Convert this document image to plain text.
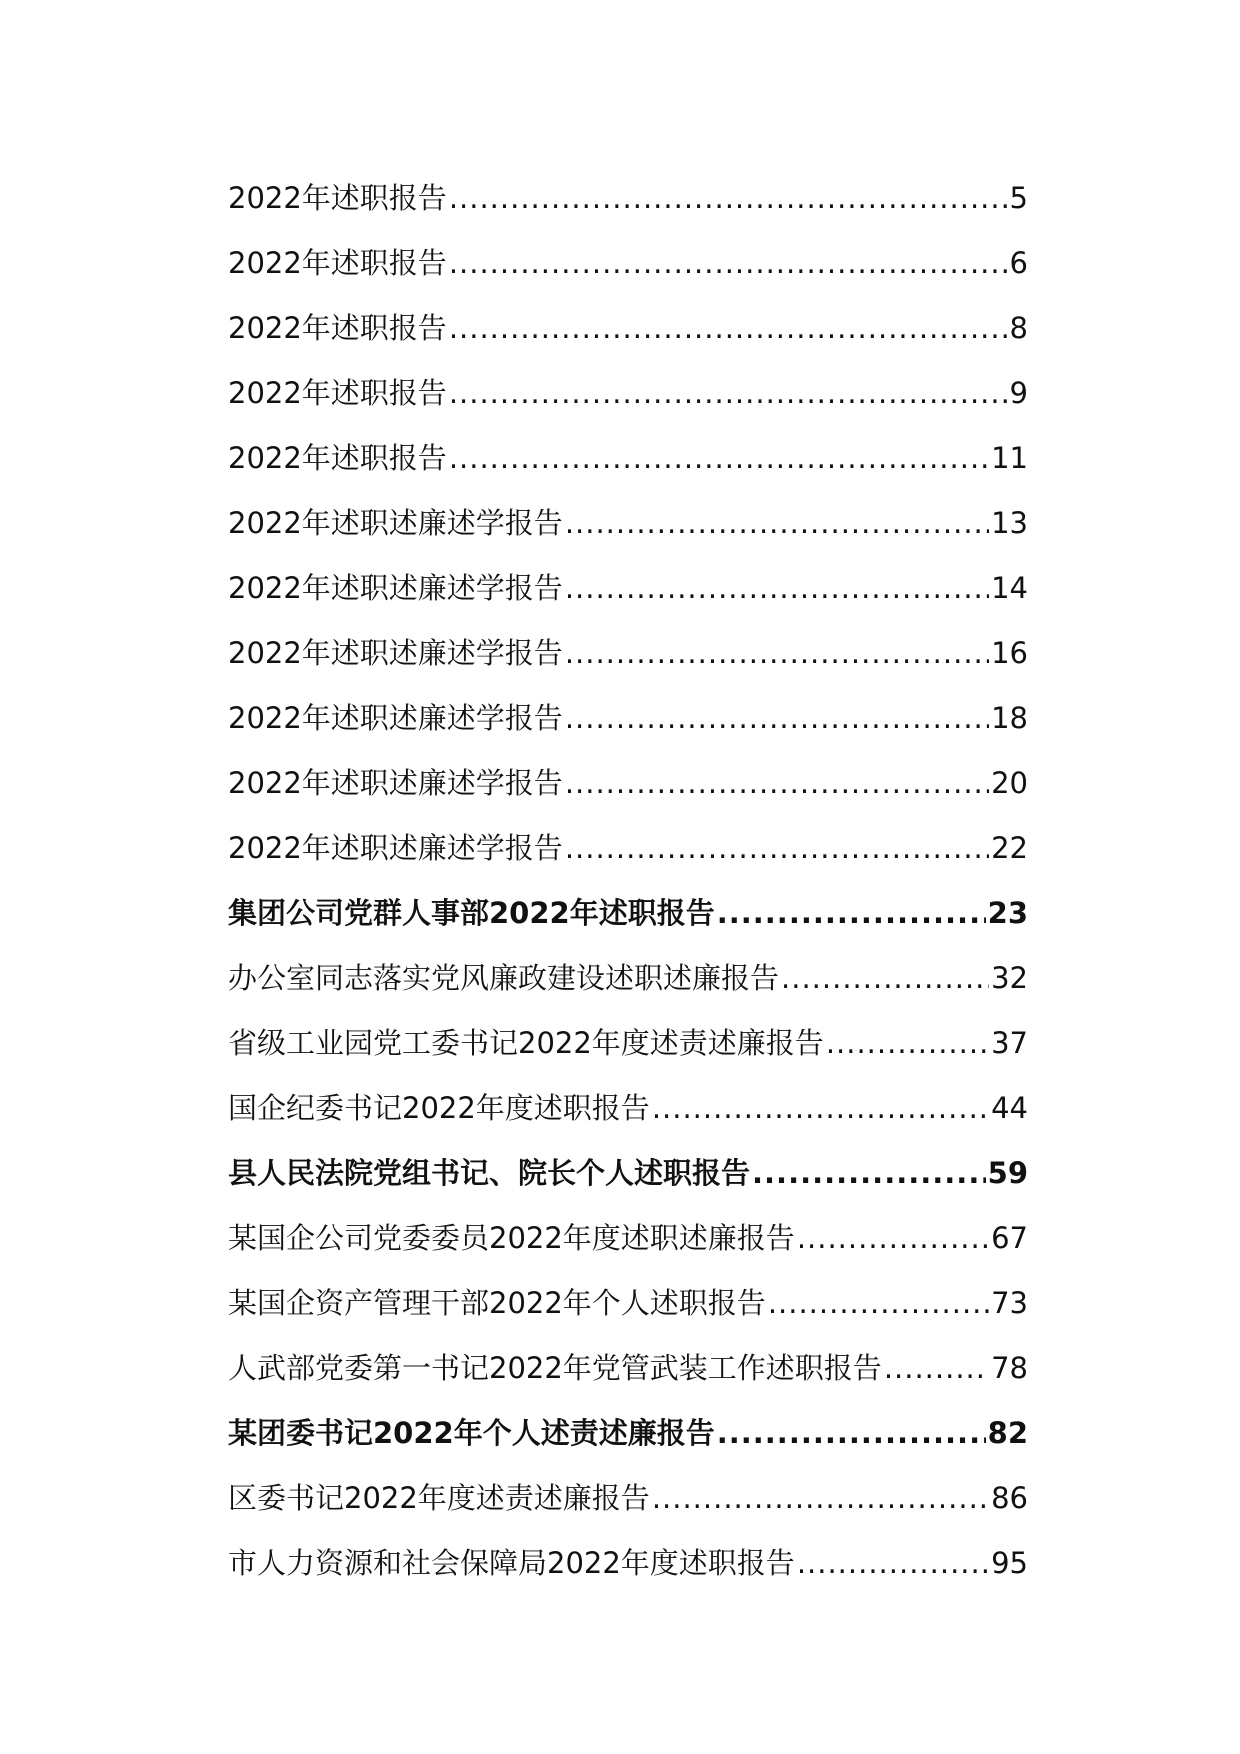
2022年述职报告 .....	5
2022年述职报告 .....	6
2022年述职报告 .....	8
2022年述职报告 .....	9
2022年述职报告 .....	11
2022年述职述廉述学报告 .....	13
2022年述职述廉述学报告 .....	14
2022年述职述廉述学报告 .....	16
2022年述职述廉述学报告 .....	18
2022年述职述廉述学报告 .....	20
2022年述职述廉述学报告 .....	22
集团公司党群人事部2022年述职报告 .....	23
办公室同志落实党风廉政建设述职述廉报告 .....	32
省级工业园党工委书记2022年度述责述廉报告 .....	37
国企纪委书记2022年度述职报告 .....	44
县人民法院党组书记、院长个人述职报告 .....	59
某国企公司党委委员2022年度述职述廉报告 .....	67
某国企资产管理干部2022年个人述职报告 .....	73
人武部党委第一书记2022年党管武装工作述职报告 .....	78
某团委书记2022年个人述责述廉报告 .....	82
区委书记2022年度述责述廉报告 .....	86
市人力资源和社会保障局2022年度述职报告 .....	95
